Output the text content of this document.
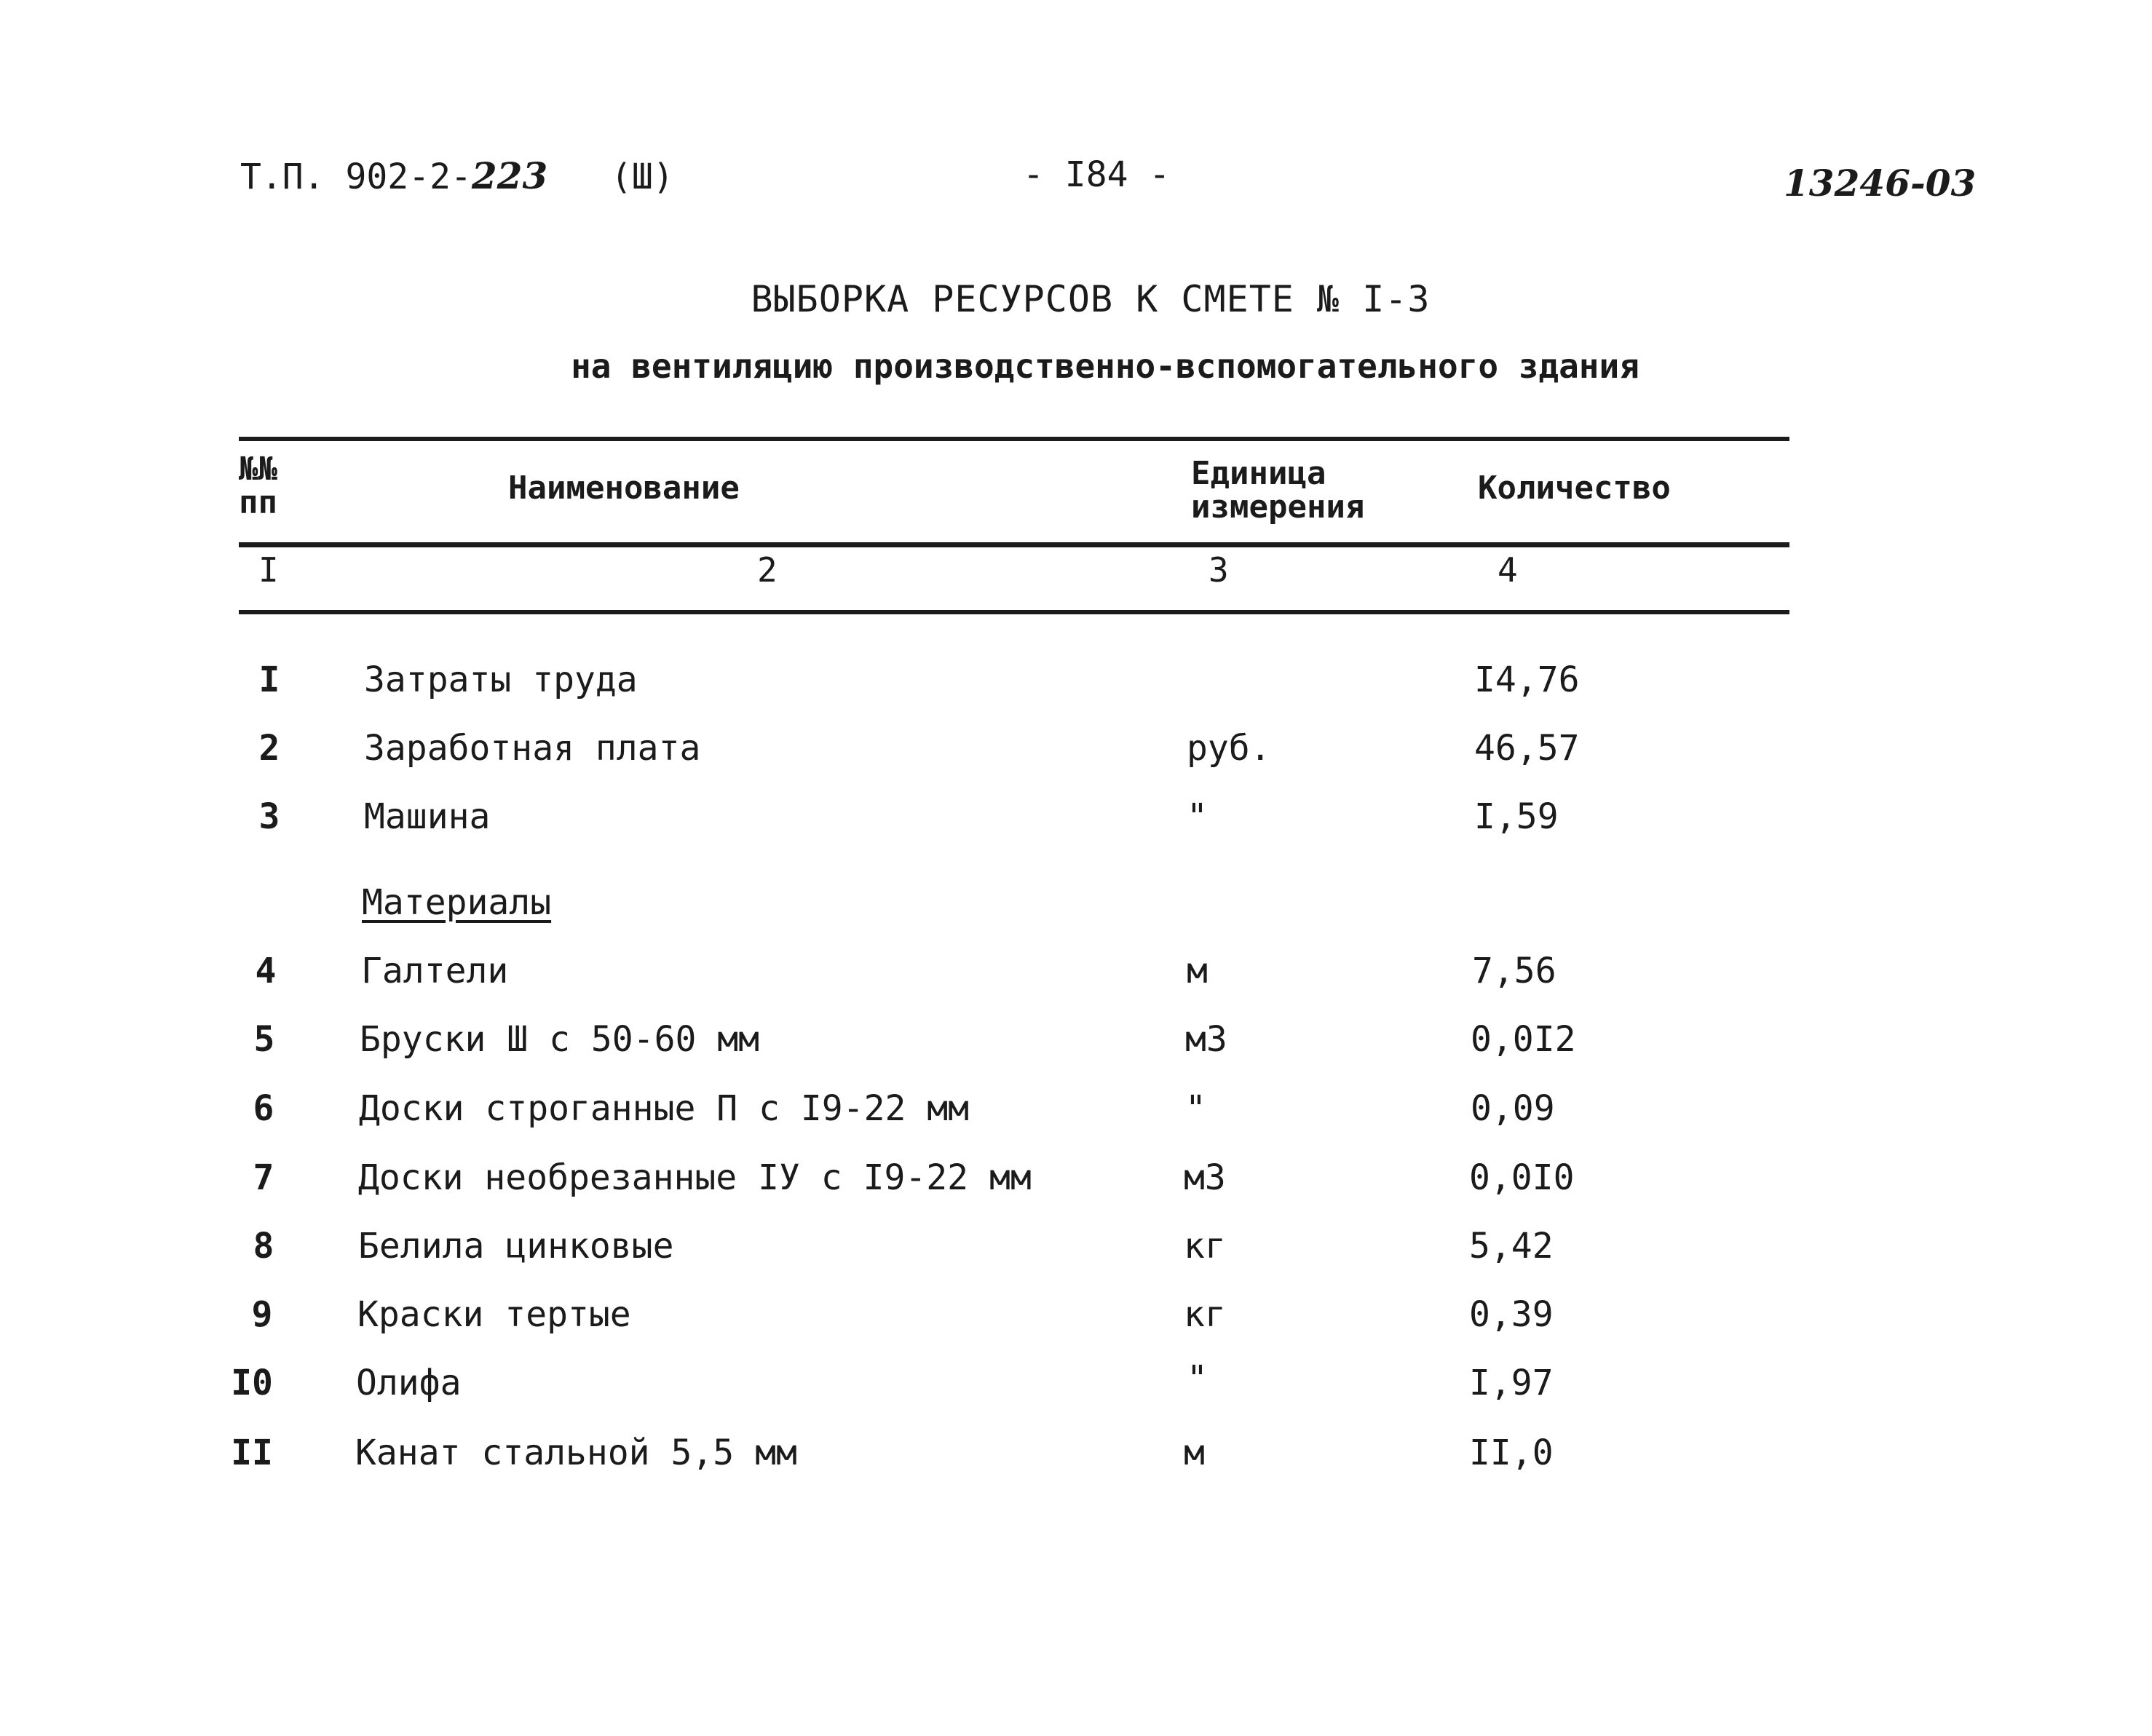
Т.П. 902-2-223 (Ш)	- I84 -	13246-03
ВЫБОРКА РЕСУРСОВ К СМЕТЕ № I-3
на вентиляцию производственно-вспомогательного здания
№№
пп	Наименование	Единица
измерения
Количество
I	2	3	4
I	Затраты труда	I4,76
2	Заработная плата	руб.	46,57
3	Машина	"	I,59
Материалы
4	Галтели	м	7,56
5	Бруски Ш с 50-60 мм	м3	0,0I2
6	Доски строганные П с I9-22 мм	"	0,09
7	Доски необрезанные IУ с I9-22 мм	м3	0,0I0
8	Белила цинковые	кг	5,42
9	Краски тертые	кг	0,39
I0 Олифа	"	I,97
II Канат стальной 5,5 мм	м	II,0
